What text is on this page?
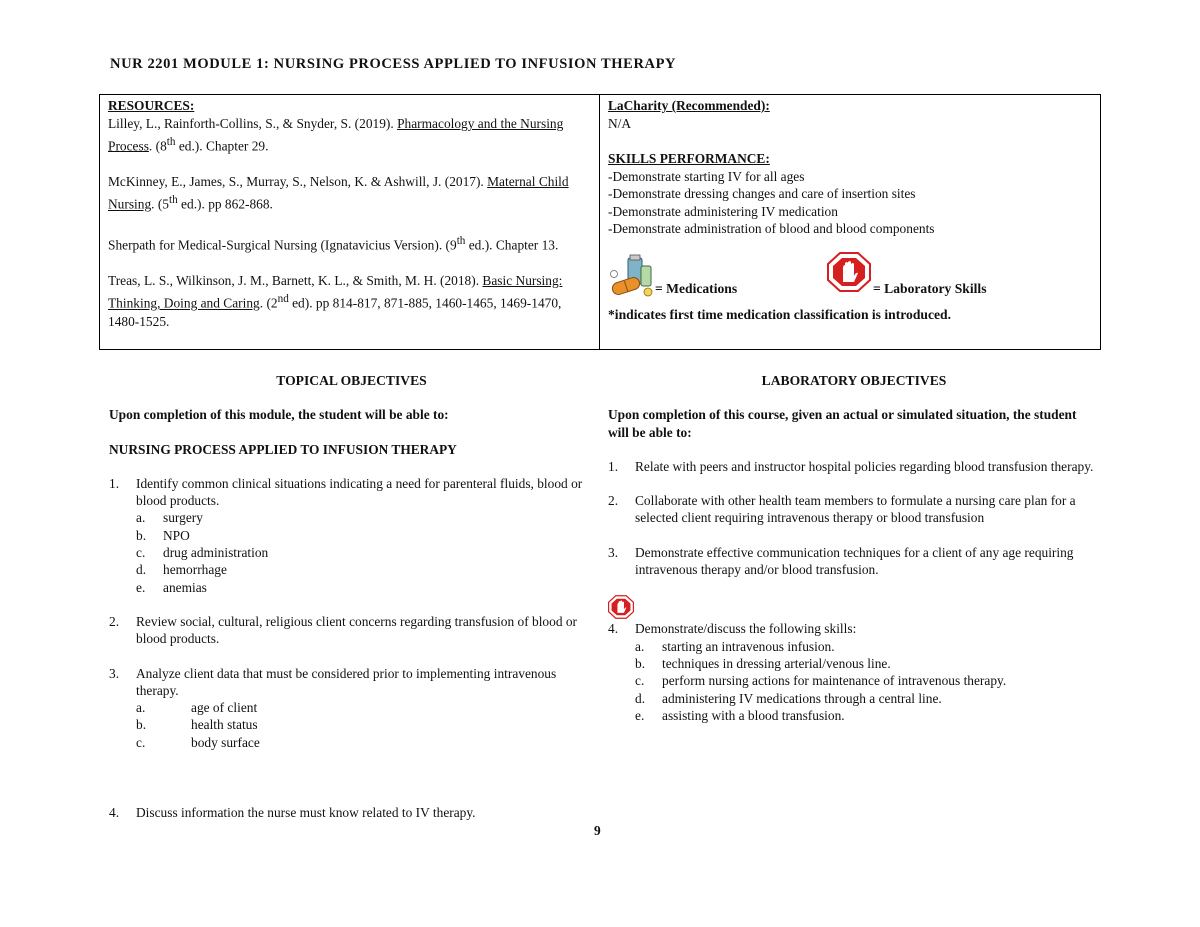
NUR 2201 MODULE 1: NURSING PROCESS APPLIED TO INFUSION THERAPY
RESOURCES:
Lilley, L., Rainforth-Collins, S., & Snyder, S. (2019). Pharmacology and the Nursing Process. (8th ed.). Chapter 29.
McKinney, E., James, S., Murray, S., Nelson, K. & Ashwill, J. (2017). Maternal Child Nursing. (5th ed.). pp 862-868.
Sherpath for Medical-Surgical Nursing (Ignatavicius Version). (9th ed.). Chapter 13.
Treas, L. S., Wilkinson, J. M., Barnett, K. L., & Smith, M. H. (2018). Basic Nursing: Thinking, Doing and Caring. (2nd ed). pp 814-817, 871-885, 1460-1465, 1469-1470, 1480-1525.
LaCharity (Recommended):
N/A
SKILLS PERFORMANCE:
-Demonstrate starting IV for all ages
-Demonstrate dressing changes and care of insertion sites
-Demonstrate administering IV medication
-Demonstrate administration of blood and blood components
= Medications	= Laboratory Skills
*indicates first time medication classification is introduced.
TOPICAL OBJECTIVES
Upon completion of this module, the student will be able to:
NURSING PROCESS APPLIED TO INFUSION THERAPY
1. Identify common clinical situations indicating a need for parenteral fluids, blood or blood products.
a. surgery
b. NPO
c. drug administration
d. hemorrhage
e. anemias
2. Review social, cultural, religious client concerns regarding transfusion of blood or blood products.
3. Analyze client data that must be considered prior to implementing intravenous therapy.
a.	age of client
b.	health status
c.	body surface
LABORATORY OBJECTIVES
Upon completion of this course, given an actual or simulated situation, the student will be able to:
1. Relate with peers and instructor hospital policies regarding blood transfusion therapy.
2. Collaborate with other health team members to formulate a nursing care plan for a selected client requiring intravenous therapy or blood transfusion
3. Demonstrate effective communication techniques for a client of any age requiring intravenous therapy and/or blood transfusion.
4. Demonstrate/discuss the following skills:
a. starting an intravenous infusion.
b. techniques in dressing arterial/venous line.
c. perform nursing actions for maintenance of intravenous therapy.
d. administering IV medications through a central line.
e. assisting with a blood transfusion.
4. Discuss information the nurse must know related to IV therapy.
9
